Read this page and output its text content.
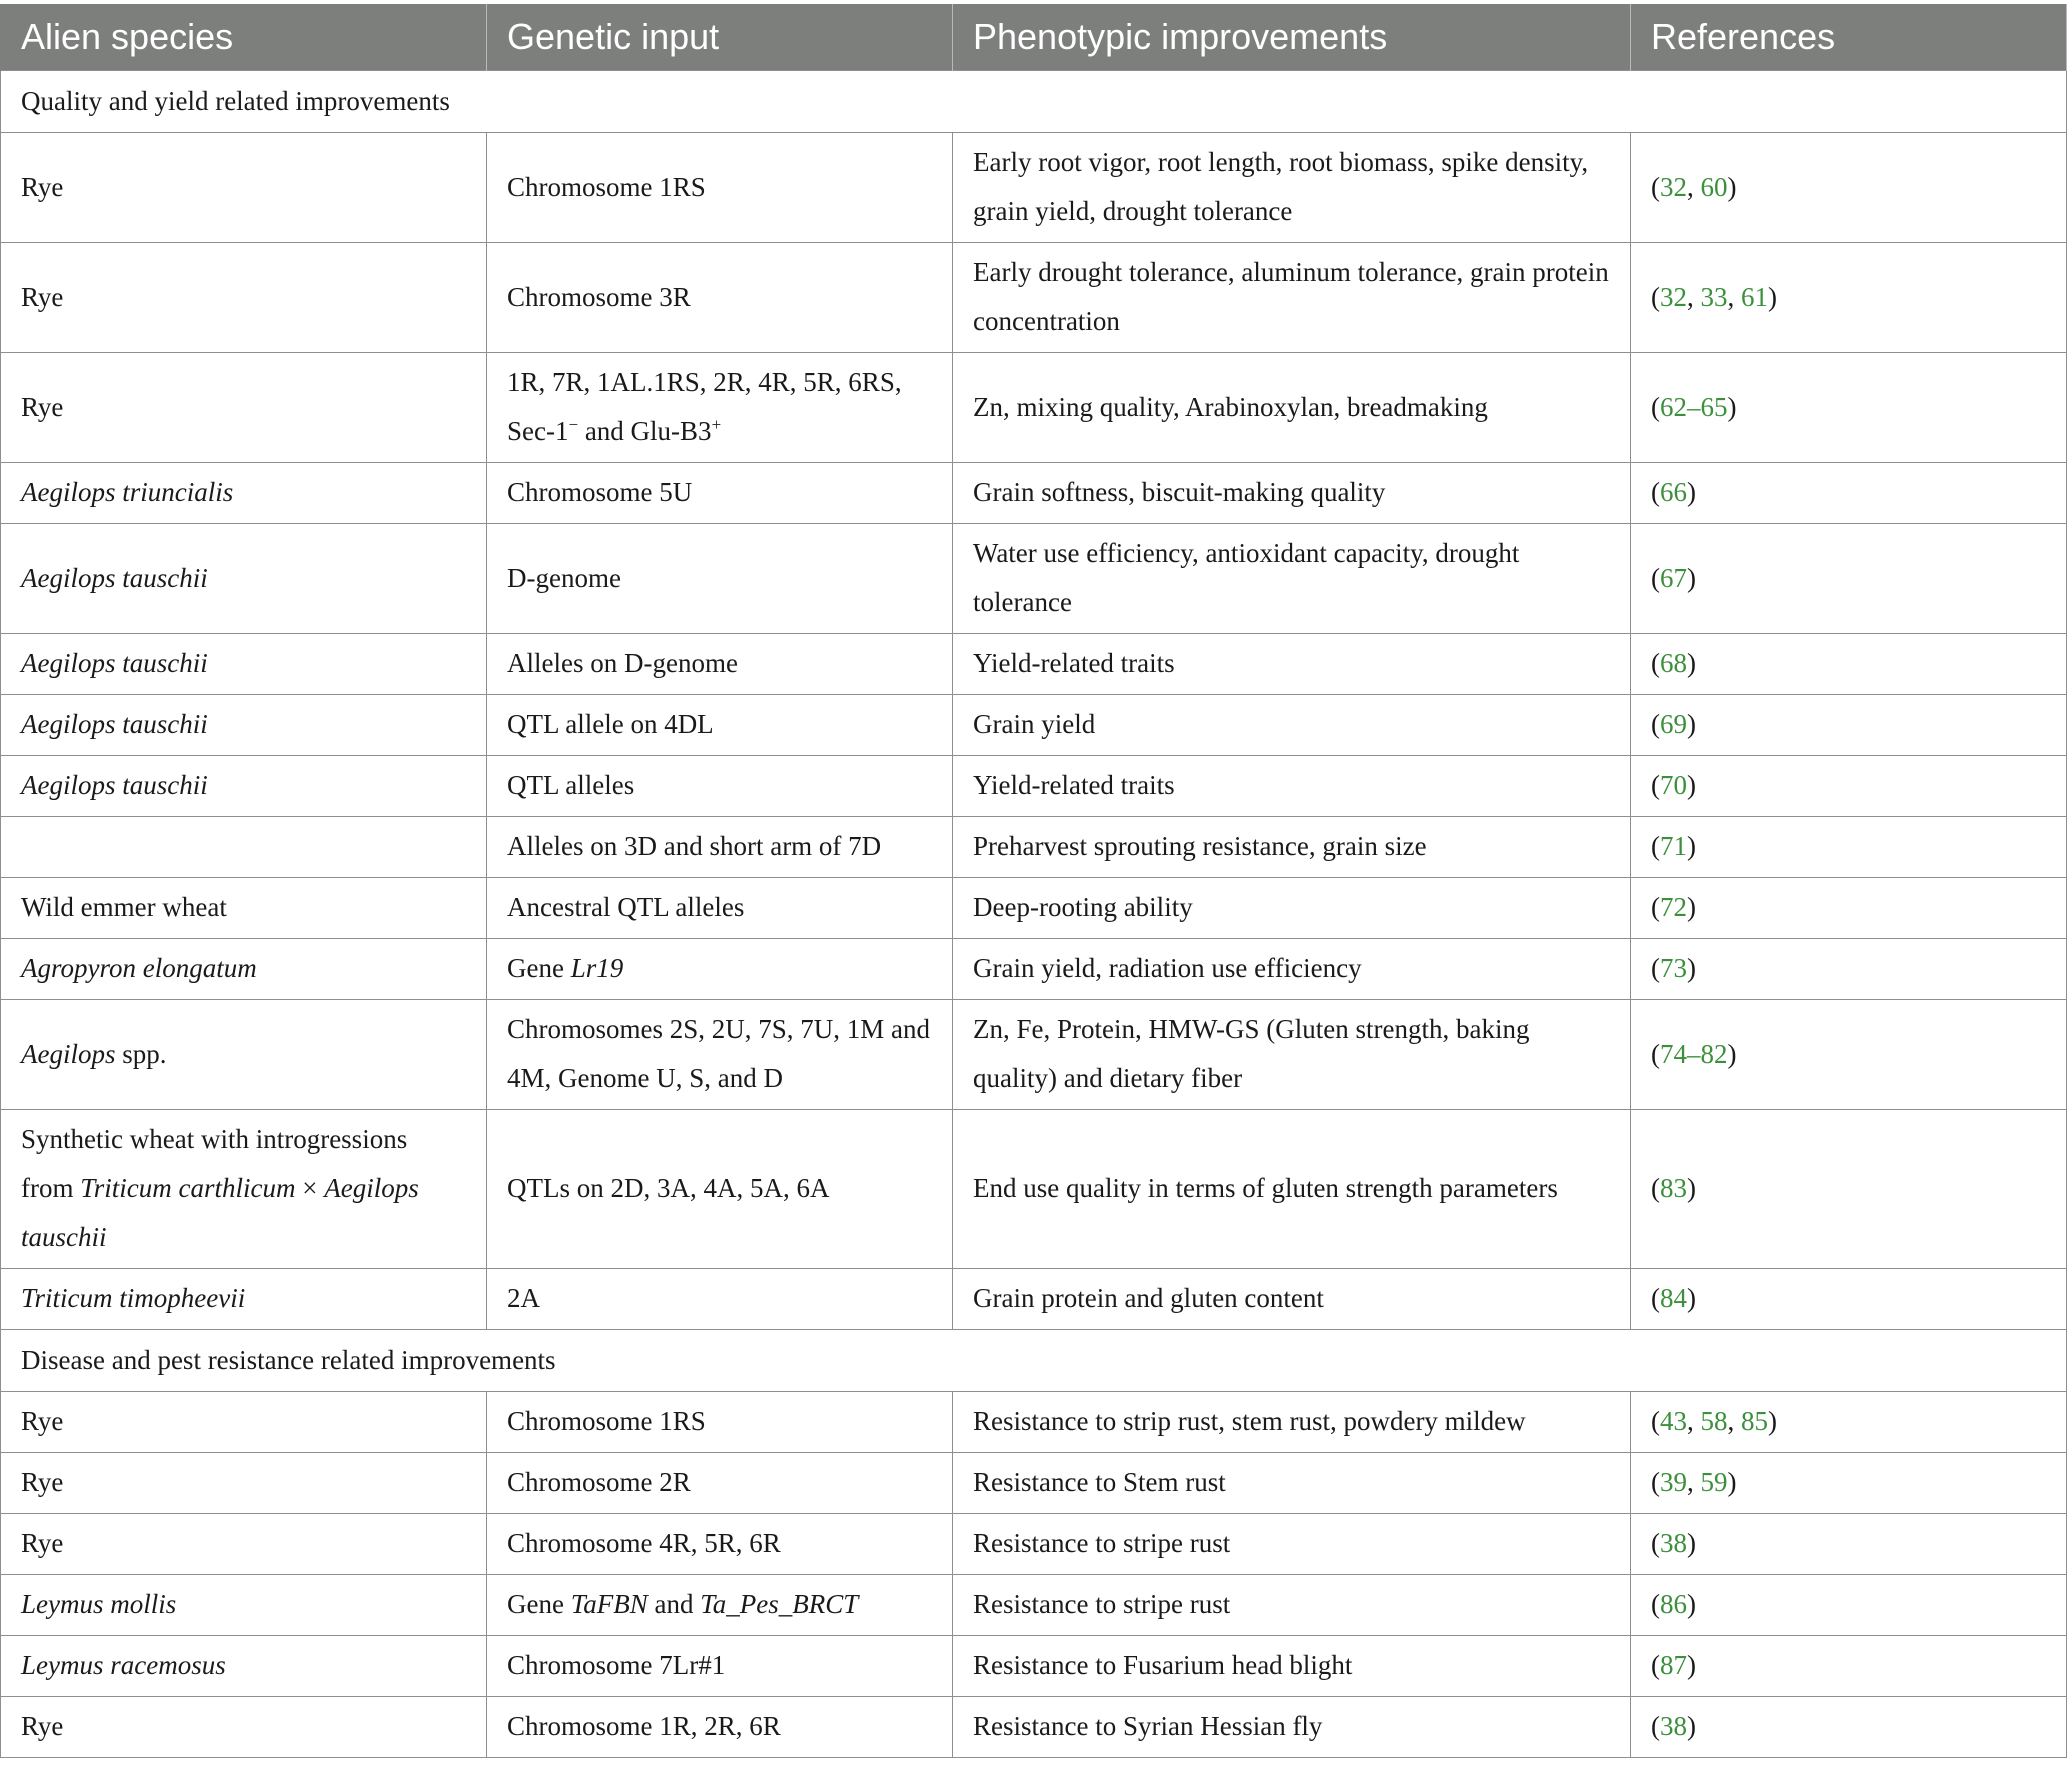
Alien species	Genetic input	Phenotypic improvements	References
Quality and yield related improvements			
Rye	Chromosome 1RS	Early root vigor, root length, root biomass, spike density, grain yield, drought tolerance	(32, 60)
Rye	Chromosome 3R	Early drought tolerance, aluminum tolerance, grain protein concentration	(32, 33, 61)
Rye	1R, 7R, 1AL.1RS, 2R, 4R, 5R, 6RS, Sec-1− and Glu-B3+	Zn, mixing quality, Arabinoxylan, breadmaking	(62–65)
Aegilops triuncialis	Chromosome 5U	Grain softness, biscuit-making quality	(66)
Aegilops tauschii	D-genome	Water use efficiency, antioxidant capacity, drought tolerance	(67)
Aegilops tauschii	Alleles on D-genome	Yield-related traits	(68)
Aegilops tauschii	QTL allele on 4DL	Grain yield	(69)
Aegilops tauschii	QTL alleles	Yield-related traits	(70)
	Alleles on 3D and short arm of 7D	Preharvest sprouting resistance, grain size	(71)
Wild emmer wheat	Ancestral QTL alleles	Deep-rooting ability	(72)
Agropyron elongatum	Gene Lr19	Grain yield, radiation use efficiency	(73)
Aegilops spp.	Chromosomes 2S, 2U, 7S, 7U, 1M and 4M, Genome U, S, and D	Zn, Fe, Protein, HMW-GS (Gluten strength, baking quality) and dietary fiber	(74–82)
Synthetic wheat with introgressions from Triticum carthlicum × Aegilops tauschii	QTLs on 2D, 3A, 4A, 5A, 6A	End use quality in terms of gluten strength parameters	(83)
Triticum timopheevii	2A	Grain protein and gluten content	(84)
Disease and pest resistance related improvements			
Rye	Chromosome 1RS	Resistance to strip rust, stem rust, powdery mildew	(43, 58, 85)
Rye	Chromosome 2R	Resistance to Stem rust	(39, 59)
Rye	Chromosome 4R, 5R, 6R	Resistance to stripe rust	(38)
Leymus mollis	Gene TaFBN and Ta_Pes_BRCT	Resistance to stripe rust	(86)
Leymus racemosus	Chromosome 7Lr#1	Resistance to Fusarium head blight	(87)
Rye	Chromosome 1R, 2R, 6R	Resistance to Syrian Hessian fly	(38)
